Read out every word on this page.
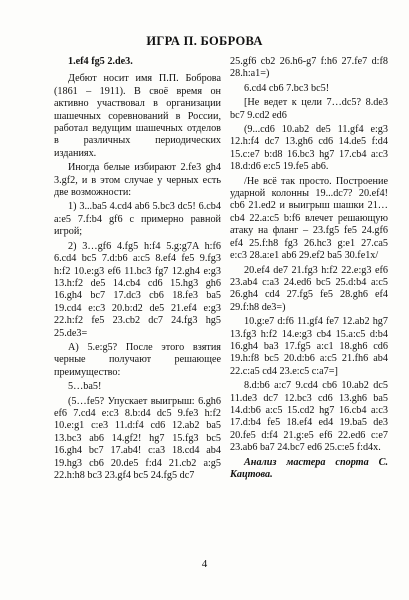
ИГРА П. БОБРОВА

1.ef4 fg5 2.de3.

Дебют носит имя П.П. Боброва (1861 – 1911). В своё время он активно участвовал в организации шашечных соревнований в России, работал ведущим шашечных отделов в различных периодических изданиях.

Иногда белые избирают 2.fe3 gh4 3.gf2, и в этом случае у черных есть две возможности:

1) 3...ba5 4.cd4 ab6 5.bc3 dc5! 6.cb4 a:e5 7.f:b4 gf6 с примерно равной игрой;

2) 3…gf6 4.fg5 h:f4 5.g:g7A h:f6 6.cd4 bc5 7.d:b6 a:c5 8.ef4 fe5 9.fg3 h:f2 10.e:g3 ef6 11.bc3 fg7 12.gh4 e:g3 13.h:f2 de5 14.cb4 cd6 15.hg3 gh6 16.gh4 bc7 17.dc3 cb6 18.fe3 ba5 19.cd4 e:c3 20.b:d2 de5 21.ef4 e:g3 22.h:f2 fe5 23.cb2 dc7 24.fg3 hg5 25.de3=

А) 5.e:g5? После этого взятия черные получают решающее преимущество:

5…ba5!

(5…fe5? Упускает выигрыш: 6.gh6 ef6 7.cd4 e:c3 8.b:d4 dc5 9.fe3 h:f2 10.e:g1 c:e3 11.d:f4 cd6 12.ab2 ba5 13.bc3 ab6 14.gf2! hg7 15.fg3 bc5 16.gh4 bc7 17.ab4! c:a3 18.cd4 ab4 19.hg3 cb6 20.de5 f:d4 21.cb2 a:g5 22.h:h8 bc3 23.gf4 bc5 24.fg5 dc7

25.gf6 cb2 26.h6-g7 f:h6 27.fe7 d:f8 28.h:a1=)

6.cd4 cb6 7.bc3 bc5!

[Не ведет к цели 7…dc5? 8.de3 bc7 9.cd2 ed6

(9...cd6 10.ab2 de5 11.gf4 e:g3 12.h:f4 dc7 13.gh6 cd6 14.de5 f:d4 15.c:e7 b:d8 16.bc3 hg7 17.cb4 a:c3 18.d:d6 e:c5 19.fe5 ab6.

/Не всё так просто. Построение ударной колонны 19...dc7? 20.ef4! cb6 21.ed2 и выигрыш шашки 21…cb4 22.a:c5 b:f6 влечет решающую атаку на фланг – 23.fg5 fe5 24.gf6 ef4 25.f:h8 fg3 26.hc3 g:e1 27.ca5 e:c3 28.a:e1 ab6 29.ef2 ba5 30.fe1x/

20.ef4 de7 21.fg3 h:f2 22.e:g3 ef6 23.ab4 c:a3 24.ed6 bc5 25.d:b4 a:c5 26.gh4 cd4 27.fg5 fe5 28.gh6 ef4 29.f:h8 de3=)

10.g:e7 d:f6 11.gf4 fe7 12.ab2 hg7 13.fg3 h:f2 14.e:g3 cb4 15.a:c5 d:b4 16.gh4 ba3 17.fg5 a:c1 18.gh6 cd6 19.h:f8 bc5 20.d:b6 a:c5 21.fh6 ab4 22.c:a5 cd4 23.e:c5 c:a7=]

8.d:b6 a:c7 9.cd4 cb6 10.ab2 dc5 11.de3 dc7 12.bc3 cd6 13.gh6 ba5 14.d:b6 a:c5 15.cd2 hg7 16.cb4 a:c3 17.d:b4 fe5 18.ef4 ed4 19.ba5 de3 20.fe5 d:f4 21.g:e5 ef6 22.ed6 c:e7 23.ab6 ba7 24.bc7 ed6 25.c:e5 f:d4x.

Анализ мастера спорта С. Кацтова.

4
